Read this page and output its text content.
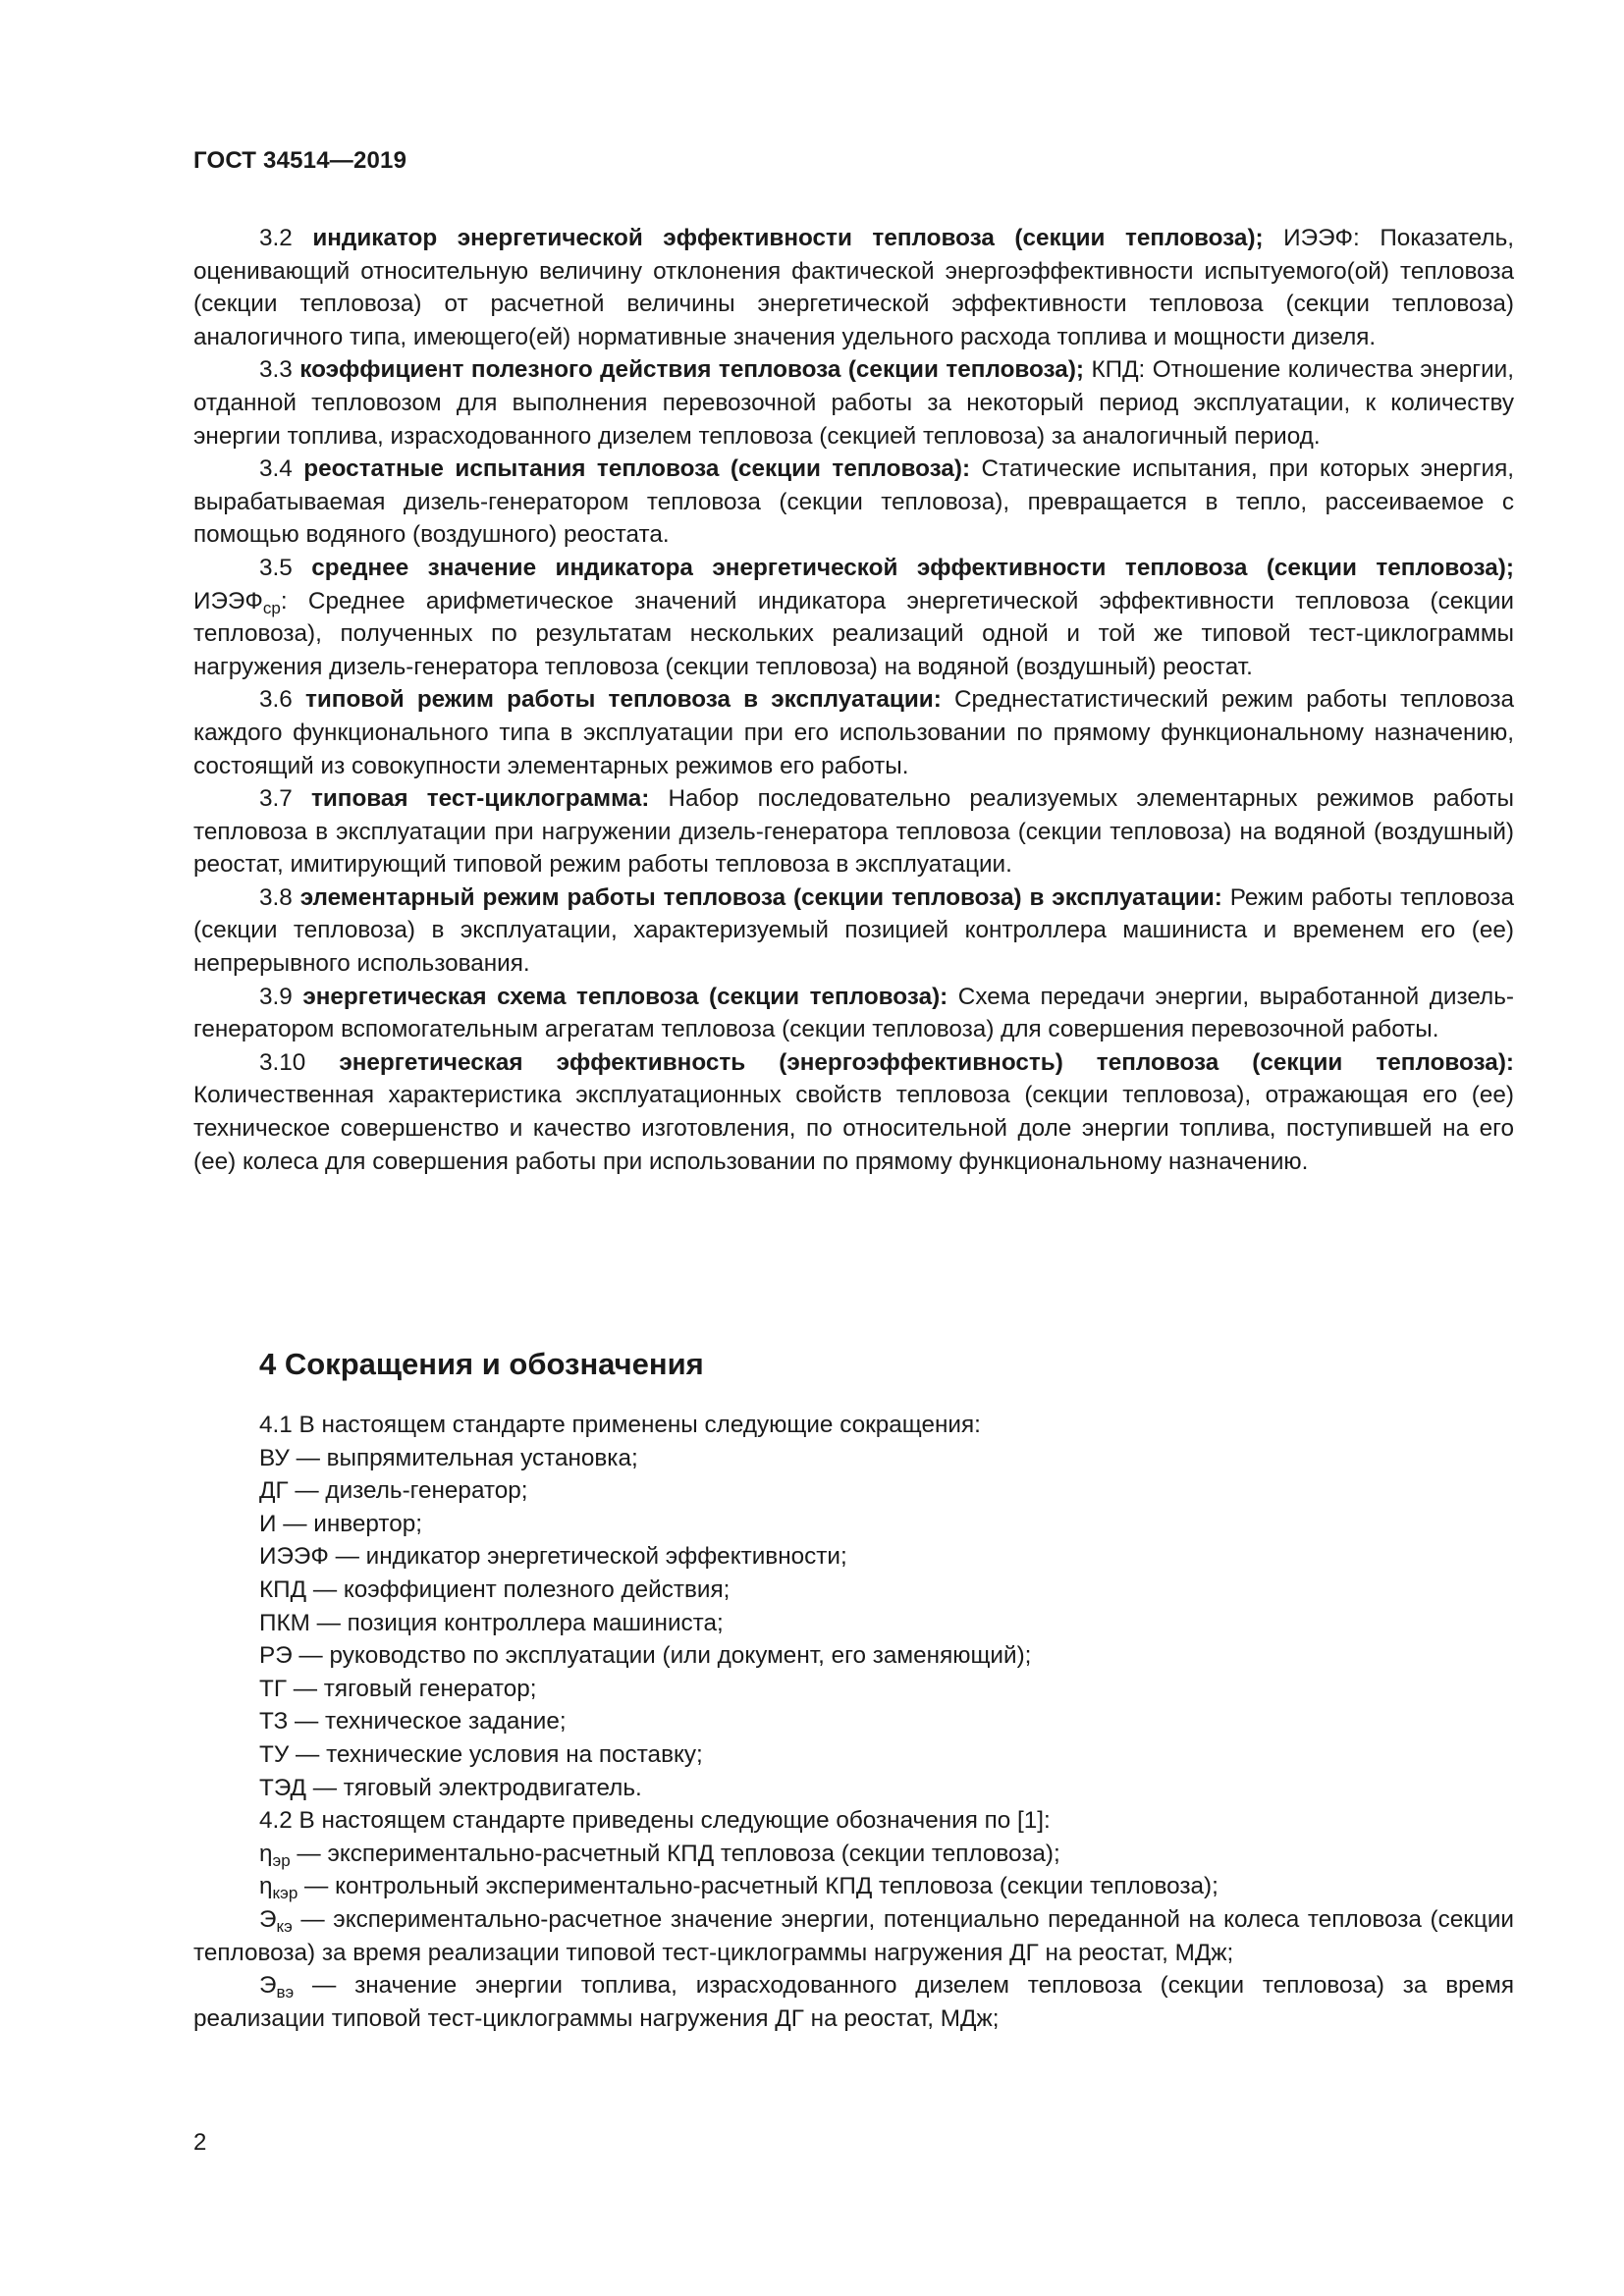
ГОСТ 34514—2019

3.2 индикатор энергетической эффективности тепловоза (секции тепловоза); ИЭЭФ: Показатель, оценивающий относительную величину отклонения фактической энергоэффективности испытуемого(ой) тепловоза (секции тепловоза) от расчетной величины энергетической эффективности тепловоза (секции тепловоза) аналогичного типа, имеющего(ей) нормативные значения удельного расхода топлива и мощности дизеля.

3.3 коэффициент полезного действия тепловоза (секции тепловоза); КПД: Отношение количества энергии, отданной тепловозом для выполнения перевозочной работы за некоторый период эксплуатации, к количеству энергии топлива, израсходованного дизелем тепловоза (секцией тепловоза) за аналогичный период.

3.4 реостатные испытания тепловоза (секции тепловоза): Статические испытания, при которых энергия, вырабатываемая дизель-генератором тепловоза (секции тепловоза), превращается в тепло, рассеиваемое с помощью водяного (воздушного) реостата.

3.5 среднее значение индикатора энергетической эффективности тепловоза (секции тепловоза); $ИЭЭФ_{ср}$: Среднее арифметическое значений индикатора энергетической эффективности тепловоза (секции тепловоза), полученных по результатам нескольких реализаций одной и той же типовой тест-циклограммы нагружения дизель-генератора тепловоза (секции тепловоза) на водяной (воздушный) реостат.

3.6 типовой режим работы тепловоза в эксплуатации: Среднестатистический режим работы тепловоза каждого функционального типа в эксплуатации при его использовании по прямому функциональному назначению, состоящий из совокупности элементарных режимов его работы.

3.7 типовая тест-циклограмма: Набор последовательно реализуемых элементарных режимов работы тепловоза в эксплуатации при нагружении дизель-генератора тепловоза (секции тепловоза) на водяной (воздушный) реостат, имитирующий типовой режим работы тепловоза в эксплуатации.

3.8 элементарный режим работы тепловоза (секции тепловоза) в эксплуатации: Режим работы тепловоза (секции тепловоза) в эксплуатации, характеризуемый позицией контроллера машиниста и временем его (ее) непрерывного использования.

3.9 энергетическая схема тепловоза (секции тепловоза): Схема передачи энергии, выработанной дизель-генератором вспомогательным агрегатам тепловоза (секции тепловоза) для совершения перевозочной работы.

3.10 энергетическая эффективность (энергоэффективность) тепловоза (секции тепловоза): Количественная характеристика эксплуатационных свойств тепловоза (секции тепловоза), отражающая его (ее) техническое совершенство и качество изготовления, по относительной доле энергии топлива, поступившей на его (ее) колеса для совершения работы при использовании по прямому функциональному назначению.

4 Сокращения и обозначения

4.1 В настоящем стандарте применены следующие сокращения:

ВУ — выпрямительная установка;

ДГ — дизель-генератор;

И — инвертор;

ИЭЭФ — индикатор энергетической эффективности;

КПД — коэффициент полезного действия;

ПКМ — позиция контроллера машиниста;

РЭ — руководство по эксплуатации (или документ, его заменяющий);

ТГ — тяговый генератор;

ТЗ — техническое задание;

ТУ — технические условия на поставку;

ТЭД — тяговый электродвигатель.

4.2 В настоящем стандарте приведены следующие обозначения по [1]:

$\eta_{эр}$ — экспериментально-расчетный КПД тепловоза (секции тепловоза);

$\eta_{кэр}$ — контрольный экспериментально-расчетный КПД тепловоза (секции тепловоза);

$Э_{кэ}$ — экспериментально-расчетное значение энергии, потенциально переданной на колеса тепловоза (секции тепловоза) за время реализации типовой тест-циклограммы нагружения ДГ на реостат, МДж;

$Э_{вэ}$ — значение энергии топлива, израсходованного дизелем тепловоза (секции тепловоза) за время реализации типовой тест-циклограммы нагружения ДГ на реостат, МДж;

2
